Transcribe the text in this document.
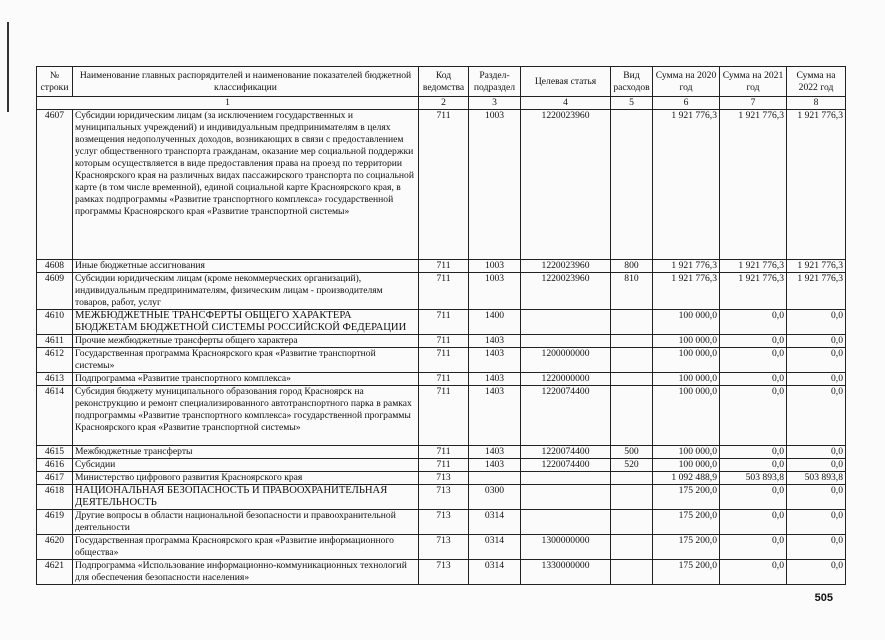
№ строки	Наименование главных распорядителей и наименование показателей бюджетной классификации	Код ведомства	Раздел-подраздел	Целевая статья	Вид расходов	Сумма на 2020 год	Сумма на 2021 год	Сумма на 2022 год
1		2	3	4	5	6	7	8
4607	Субсидии юридическим лицам (за исключением государственных и муниципальных учреждений) и индивидуальным предпринимателям в целях возмещения недополученных доходов, возникающих в связи с предоставлением услуг общественного транспорта гражданам, оказание мер социальной поддержки которым осуществляется в виде предоставления права на проезд по территории Красноярского края на различных видах пассажирского транспорта по социальной карте (в том числе временной), единой социальной карте Красноярского края, в рамках подпрограммы «Развитие транспортного комплекса» государственной программы Красноярского края «Развитие транспортной системы»	711	1003	1220023960		1 921 776,3	1 921 776,3	1 921 776,3
4608	Иные бюджетные ассигнования	711	1003	1220023960	800	1 921 776,3	1 921 776,3	1 921 776,3
4609	Субсидии юридическим лицам (кроме некоммерческих организаций), индивидуальным предпринимателям, физическим лицам - производителям товаров, работ, услуг	711	1003	1220023960	810	1 921 776,3	1 921 776,3	1 921 776,3
4610	МЕЖБЮДЖЕТНЫЕ ТРАНСФЕРТЫ ОБЩЕГО ХАРАКТЕРА БЮДЖЕТАМ БЮДЖЕТНОЙ СИСТЕМЫ РОССИЙСКОЙ ФЕДЕРАЦИИ	711	1400			100 000,0	0,0	0,0
4611	Прочие межбюджетные трансферты общего характера	711	1403			100 000,0	0,0	0,0
4612	Государственная программа Красноярского края «Развитие транспортной системы»	711	1403	1200000000		100 000,0	0,0	0,0
4613	Подпрограмма «Развитие транспортного комплекса»	711	1403	1220000000		100 000,0	0,0	0,0
4614	Субсидия бюджету муниципального образования город Красноярск на реконструкцию и ремонт специализированного автотранспортного парка в рамках подпрограммы «Развитие транспортного комплекса» государственной программы Красноярского края «Развитие транспортной системы»	711	1403	1220074400		100 000,0	0,0	0,0
4615	Межбюджетные трансферты	711	1403	1220074400	500	100 000,0	0,0	0,0
4616	Субсидии	711	1403	1220074400	520	100 000,0	0,0	0,0
4617	Министерство цифрового развития Красноярского края	713				1 092 488,9	503 893,8	503 893,8
4618	НАЦИОНАЛЬНАЯ БЕЗОПАСНОСТЬ И ПРАВООХРАНИТЕЛЬНАЯ ДЕЯТЕЛЬНОСТЬ	713	0300			175 200,0	0,0	0,0
4619	Другие вопросы в области национальной безопасности и правоохранительной деятельности	713	0314			175 200,0	0,0	0,0
4620	Государственная программа Красноярского края «Развитие информационного общества»	713	0314	1300000000		175 200,0	0,0	0,0
4621	Подпрограмма «Использование информационно-коммуникационных технологий для обеспечения безопасности населения»	713	0314	1330000000		175 200,0	0,0	0,0
505
